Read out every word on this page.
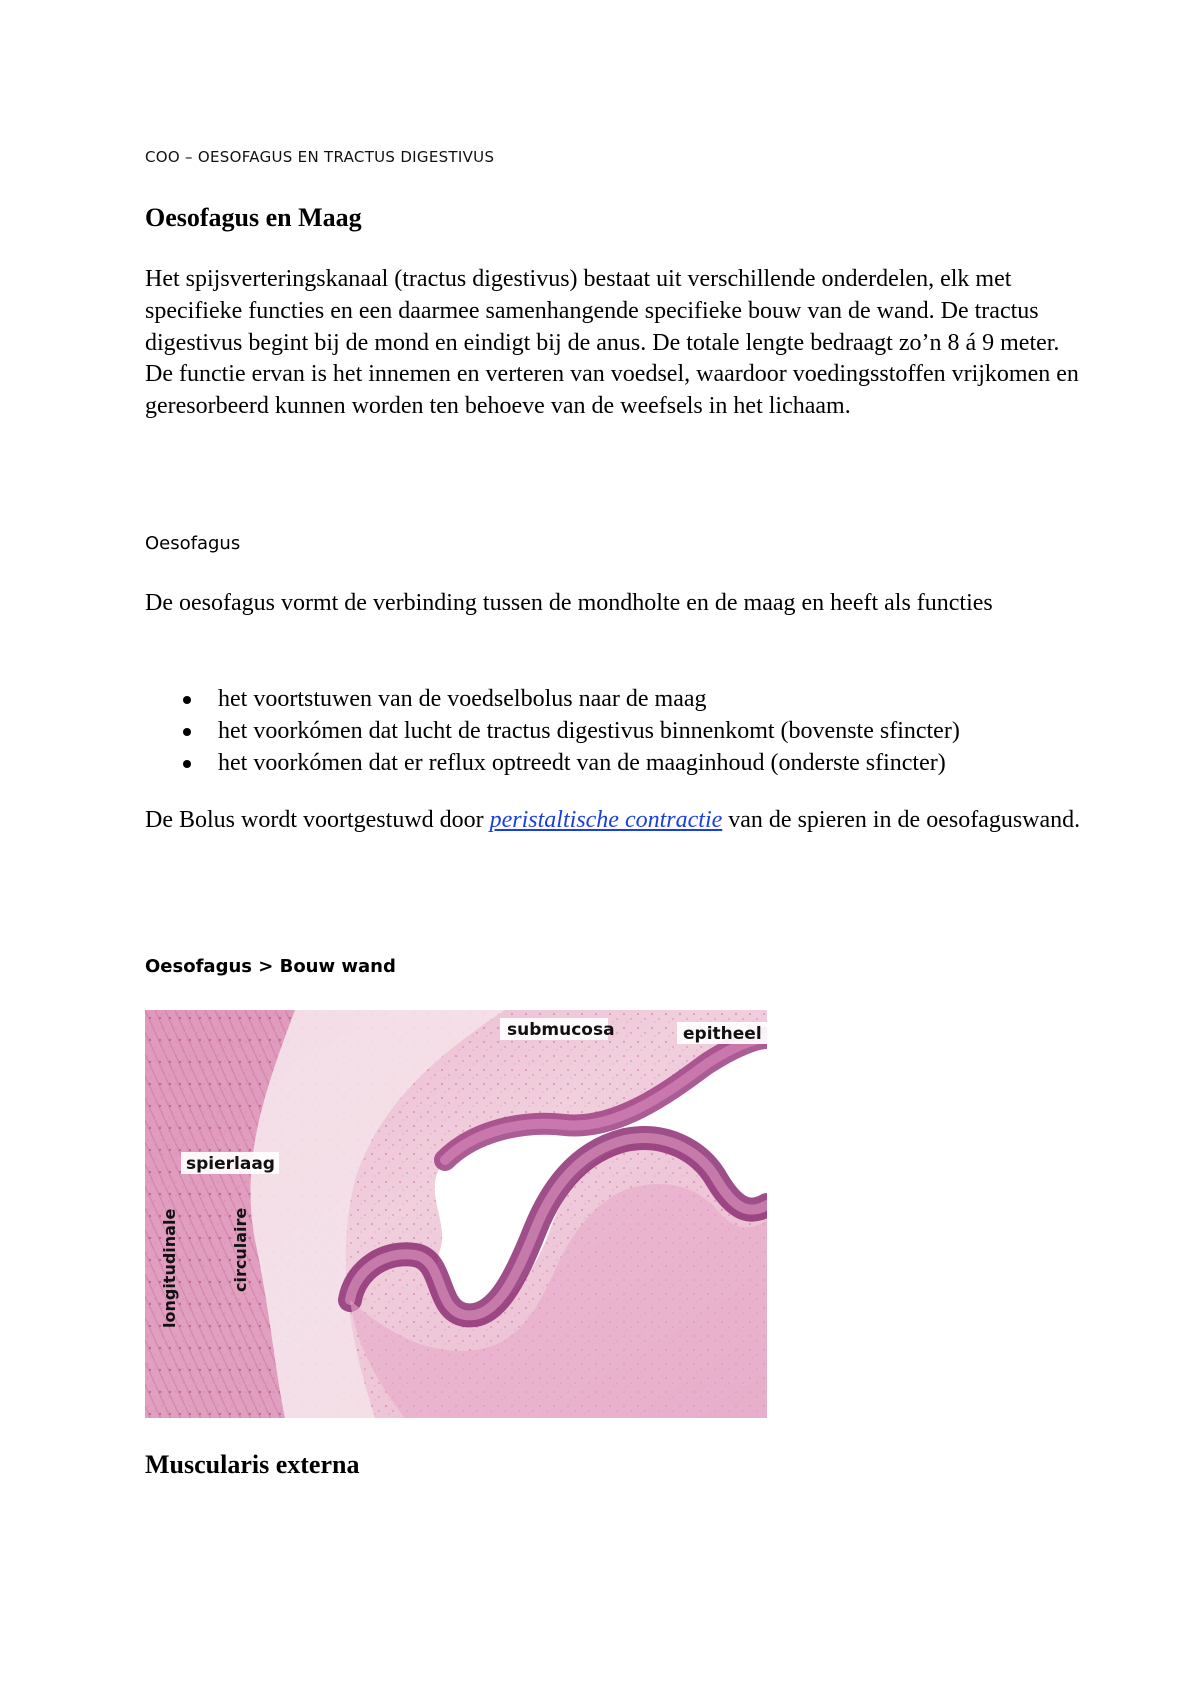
COO – OESOFAGUS EN TRACTUS DIGESTIVUS
Oesofagus en Maag

Het spijsverteringskanaal (tractus digestivus) bestaat uit verschillende onderdelen, elk met specifieke functies en een daarmee samenhangende specifieke bouw van de wand. De tractus digestivus begint bij de mond en eindigt bij de anus. De totale lengte bedraagt zo’n 8 á 9 meter. De functie ervan is het innemen en verteren van voedsel, waardoor voedingsstoffen vrijkomen en geresorbeerd kunnen worden ten behoeve van de weefsels in het lichaam.

Oesofagus

De oesofagus vormt de verbinding tussen de mondholte en de maag en heeft als functies

het voortstuwen van de voedselbolus naar de maag
het voorkómen dat lucht de tractus digestivus binnenkomt (bovenste sfincter)
het voorkómen dat er reflux optreedt van de maaginhoud (onderste sfincter)

De Bolus wordt voortgestuwd door peristaltische contractie van de spieren in de oesofaguswand.

Oesofagus > Bouw wand
submucosa	epitheel
spierlaag
longitudinale	circulaire
Muscularis externa
